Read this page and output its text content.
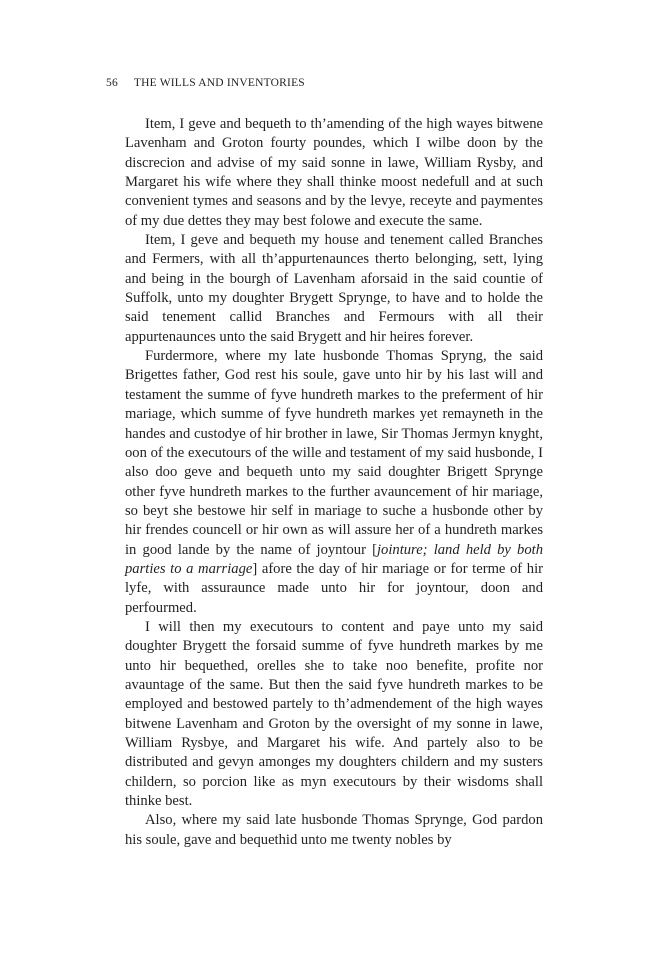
56 THE WILLS AND INVENTORIES

Item, I geve and bequeth to th’amending of the high wayes bitwene Lavenham and Groton fourty poundes, which I wilbe doon by the discrecion and advise of my said sonne in lawe, William Rysby, and Margaret his wife where they shall thinke moost nedefull and at such convenient tymes and seasons and by the levye, receyte and paymentes of my due dettes they may best folowe and execute the same.

Item, I geve and bequeth my house and tenement called Branches and Fermers, with all th’appurtenaunces therto belonging, sett, lying and being in the bourgh of Lavenham aforsaid in the said countie of Suffolk, unto my doughter Brygett Sprynge, to have and to holde the said tenement callid Branches and Fermours with all their appurtenaunces unto the said Brygett and hir heires forever.

Furdermore, where my late husbonde Thomas Spryng, the said Brigettes father, God rest his soule, gave unto hir by his last will and testament the summe of fyve hundreth markes to the preferment of hir mariage, which summe of fyve hundreth markes yet remayneth in the handes and custodye of hir brother in lawe, Sir Thomas Jermyn knyght, oon of the executours of the wille and testament of my said husbonde, I also doo geve and bequeth unto my said doughter Brigett Sprynge other fyve hundreth markes to the further avauncement of hir mariage, so beyt she bestowe hir self in mariage to suche a husbonde other by hir frendes councell or hir own as will assure her of a hundreth markes in good lande by the name of joyntour [jointure; land held by both parties to a marriage] afore the day of hir mariage or for terme of hir lyfe, with assuraunce made unto hir for joyntour, doon and perfourmed.

I will then my executours to content and paye unto my said doughter Brygett the forsaid summe of fyve hundreth markes by me unto hir bequethed, orelles she to take noo benefite, profite nor avauntage of the same. But then the said fyve hundreth markes to be employed and bestowed partely to th’admendement of the high wayes bitwene Lavenham and Groton by the oversight of my sonne in lawe, William Rysbye, and Margaret his wife. And partely also to be distributed and gevyn amonges my doughters childern and my susters childern, so porcion like as myn executours by their wisdoms shall thinke best.

Also, where my said late husbonde Thomas Sprynge, God pardon his soule, gave and bequethid unto me twenty nobles by
